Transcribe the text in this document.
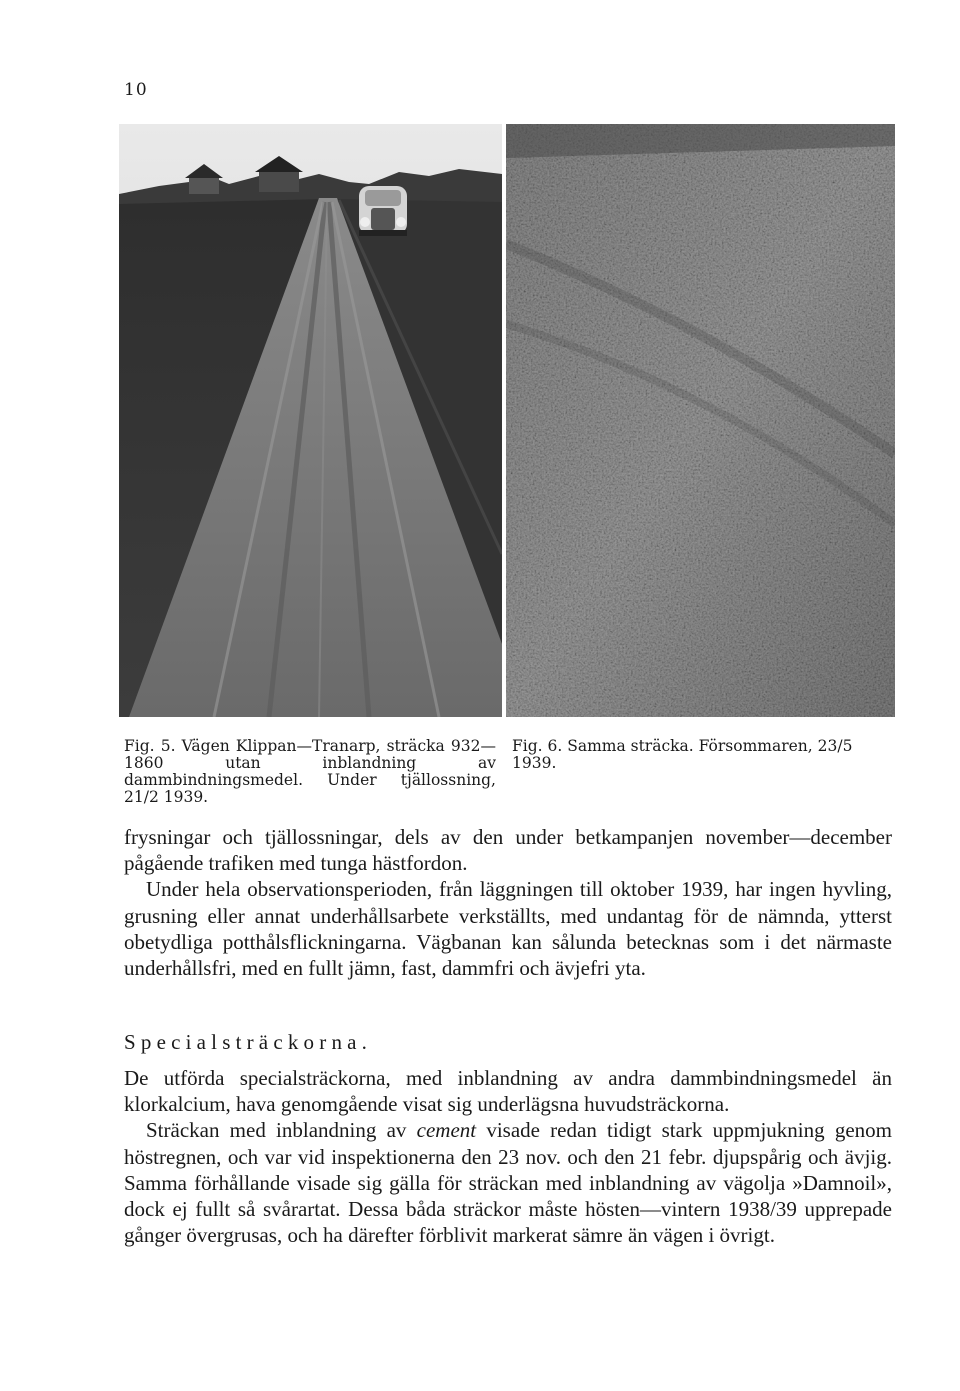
10

Fig. 5. Vägen Klippan—Tranarp, sträcka 932—1860 utan inblandning av dammbindningsmedel. Under tjällossning, 21/2 1939.

Fig. 6. Samma sträcka. Försommaren, 23/5 1939.

frysningar och tjällossningar, dels av den under betkampanjen november—december pågående trafiken med tunga hästfordon.

Under hela observationsperioden, från läggningen till oktober 1939, har ingen hyvling, grusning eller annat underhållsarbete verkställts, med undantag för de nämnda, ytterst obetydliga potthålsflickningarna. Vägbanan kan sålunda betecknas som i det närmaste underhållsfri, med en fullt jämn, fast, dammfri och ävjefri yta.

Specialsträckorna.

De utförda specialsträckorna, med inblandning av andra dammbindningsmedel än klorkalcium, hava genomgående visat sig underlägsna huvudsträckorna.

Sträckan med inblandning av cement visade redan tidigt stark uppmjukning genom höstregnen, och var vid inspektionerna den 23 nov. och den 21 febr. djupspårig och ävjig. Samma förhållande visade sig gälla för sträckan med inblandning av vägolja »Damnoil», dock ej fullt så svårartat. Dessa båda sträckor måste hösten—vintern 1938/39 upprepade gånger övergrusas, och ha därefter förblivit markerat sämre än vägen i övrigt.
